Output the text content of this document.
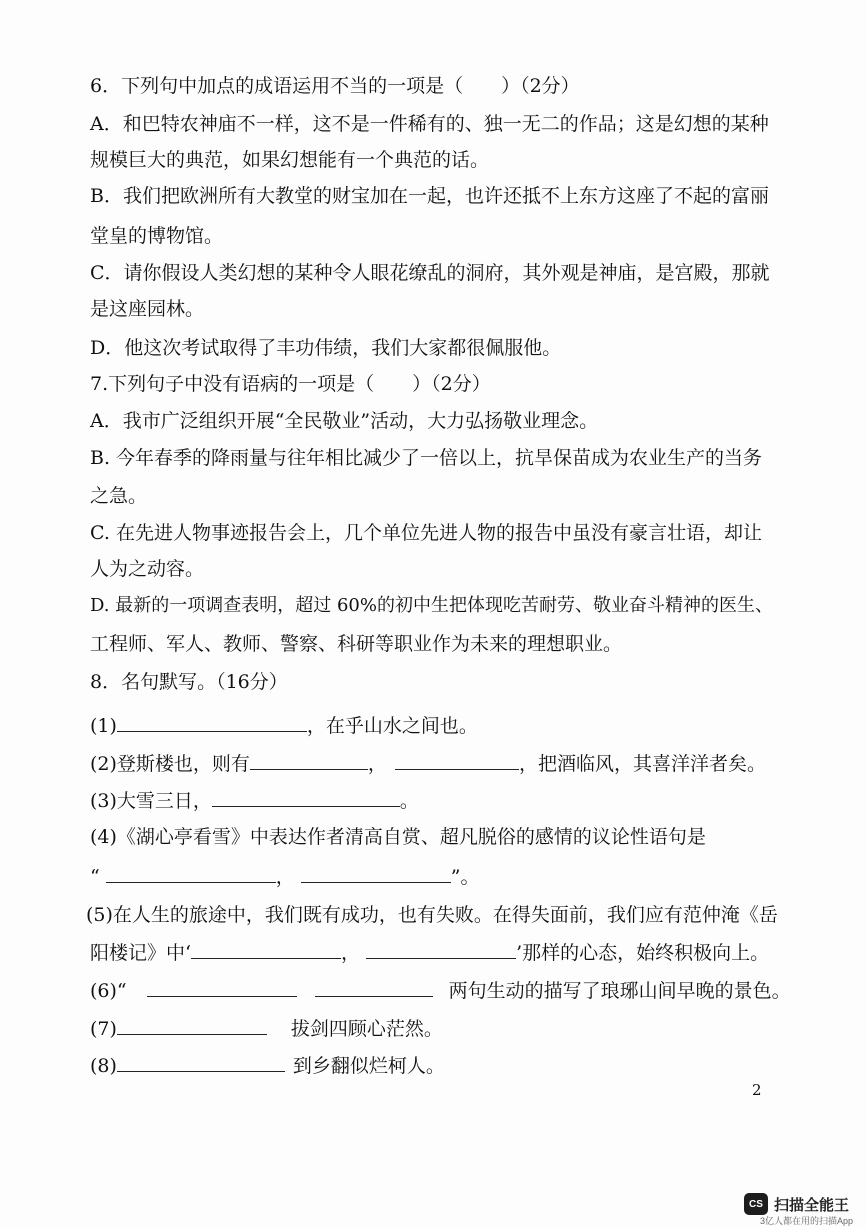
6．下列句中加点的成语运用不当的一项是（　　）（2分）
A．和巴特农神庙不一样，这不是一件稀有的、独一无二的作品；这是幻想的某种
规模巨大的典范，如果幻想能有一个典范的话。
B．我们把欧洲所有大教堂的财宝加在一起，也许还抵不上东方这座了不起的富丽
堂皇的博物馆。
C．请你假设人类幻想的某种令人眼花缭乱的洞府，其外观是神庙，是宫殿，那就
是这座园林。
D．他这次考试取得了丰功伟绩，我们大家都很佩服他。
7.下列句子中没有语病的一项是（　　）（2分）
A．我市广泛组织开展“全民敬业”活动，大力弘扬敬业理念。
B. 今年春季的降雨量与往年相比减少了一倍以上，抗旱保苗成为农业生产的当务
之急。
C. 在先进人物事迹报告会上，几个单位先进人物的报告中虽没有豪言壮语，却让
人为之动容。
D. 最新的一项调查表明，超过 60%的初中生把体现吃苦耐劳、敬业奋斗精神的医生、
工程师、军人、教师、警察、科研等职业作为未来的理想职业。
8．名句默写。（16分）
(1)	，在乎山水之间也。
(2)登斯楼也，则有	，	，把酒临风，其喜洋洋者矣。
(3)大雪三日，	。
(4)《湖心亭看雪》中表达作者清高自赏、超凡脱俗的感情的议论性语句是
“	，	”。
(5)在人生的旅途中，我们既有成功，也有失败。在得失面前，我们应有范仲淹《岳
阳楼记》中‘	，	’那样的心态，始终积极向上。
(6)“	两句生动的描写了琅琊山间早晚的景色。
(7)	拔剑四顾心茫然。
(8)	到乡翻似烂柯人。
2
CS 扫描全能王
3亿人都在用的扫描App
